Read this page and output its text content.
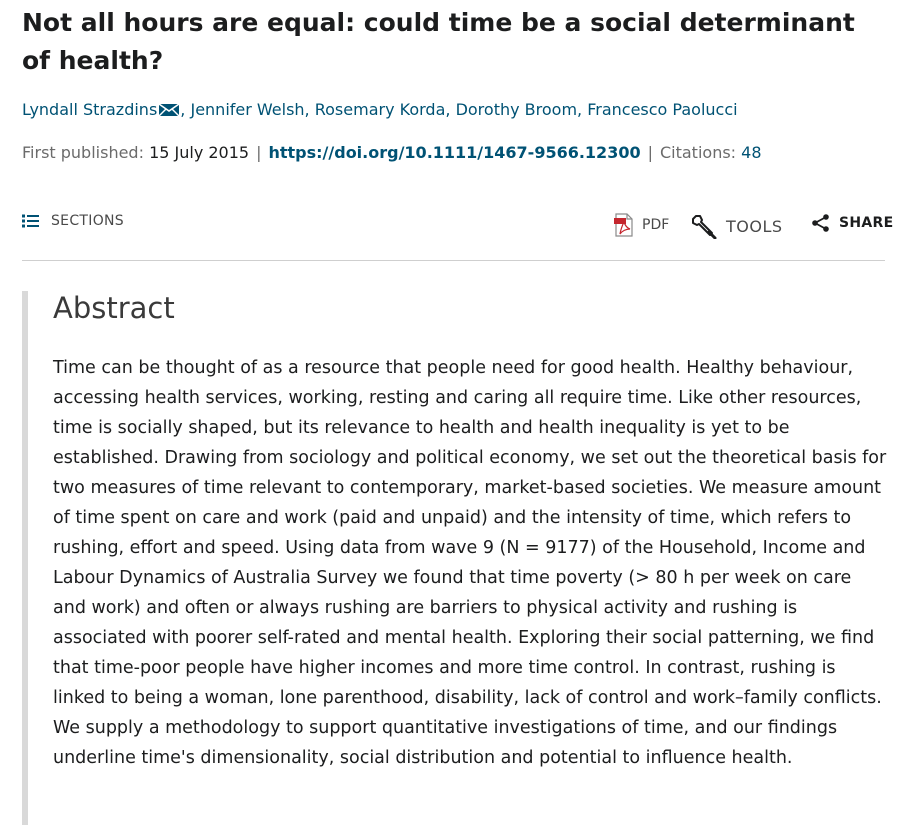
Not all hours are equal: could time be a social determinant of health?
Lyndall Strazdins , Jennifer Welsh, Rosemary Korda, Dorothy Broom, Francesco Paolucci
First published: 15 July 2015 | https://doi.org/10.1111/1467-9566.12300 | Citations: 48
SECTIONS	PDF	TOOLS	SHARE
Abstract

Time can be thought of as a resource that people need for good health. Healthy behaviour, accessing health services, working, resting and caring all require time. Like other resources, time is socially shaped, but its relevance to health and health inequality is yet to be established. Drawing from sociology and political economy, we set out the theoretical basis for two measures of time relevant to contemporary, market-based societies. We measure amount of time spent on care and work (paid and unpaid) and the intensity of time, which refers to rushing, effort and speed. Using data from wave 9 (N = 9177) of the Household, Income and Labour Dynamics of Australia Survey we found that time poverty (> 80 h per week on care and work) and often or always rushing are barriers to physical activity and rushing is associated with poorer self-rated and mental health. Exploring their social patterning, we find that time-poor people have higher incomes and more time control. In contrast, rushing is linked to being a woman, lone parenthood, disability, lack of control and work–family conflicts. We supply a methodology to support quantitative investigations of time, and our findings underline time's dimensionality, social distribution and potential to influence health.
